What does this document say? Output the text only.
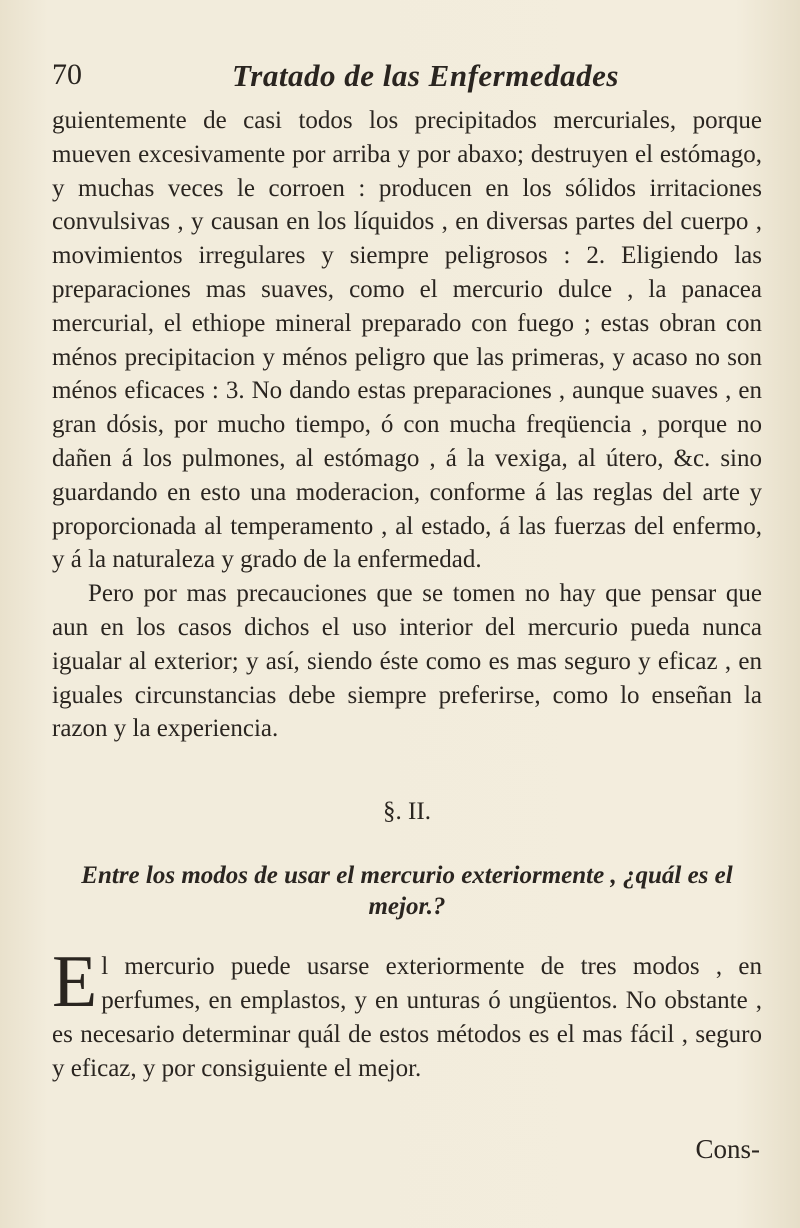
70	Tratado de las Enfermedades

guientemente de casi todos los precipitados mercuriales, porque mueven excesivamente por arriba y por abaxo; destruyen el estómago, y muchas veces le corroen : producen en los sólidos irritaciones convulsivas , y causan en los líquidos , en diversas partes del cuerpo , movimientos irregulares y siempre peligrosos : 2. Eligiendo las preparaciones mas suaves, como el mercurio dulce , la panacea mercurial, el ethiope mineral preparado con fuego ; estas obran con ménos precipitacion y ménos peligro que las primeras, y acaso no son ménos eficaces : 3. No dando estas preparaciones , aunque suaves , en gran dósis, por mucho tiempo, ó con mucha freqüencia , porque no dañen á los pulmones, al estómago , á la vexiga, al útero, &c. sino guardando en esto una moderacion, conforme á las reglas del arte y proporcionada al temperamento , al estado, á las fuerzas del enfermo, y á la naturaleza y grado de la enfermedad.

Pero por mas precauciones que se tomen no hay que pensar que aun en los casos dichos el uso interior del mercurio pueda nunca igualar al exterior; y así, siendo éste como es mas seguro y eficaz , en iguales circunstancias debe siempre preferirse, como lo enseñan la razon y la experiencia.

§. II.

Entre los modos de usar el mercurio exteriormente , ¿quál es el mejor.?

E l mercurio puede usarse exteriormente de tres modos , en perfumes, en emplastos, y en unturas ó ungüentos. No obstante , es necesario determinar quál de estos métodos es el mas fácil , seguro y eficaz, y por consiguiente el mejor.

Cons-
